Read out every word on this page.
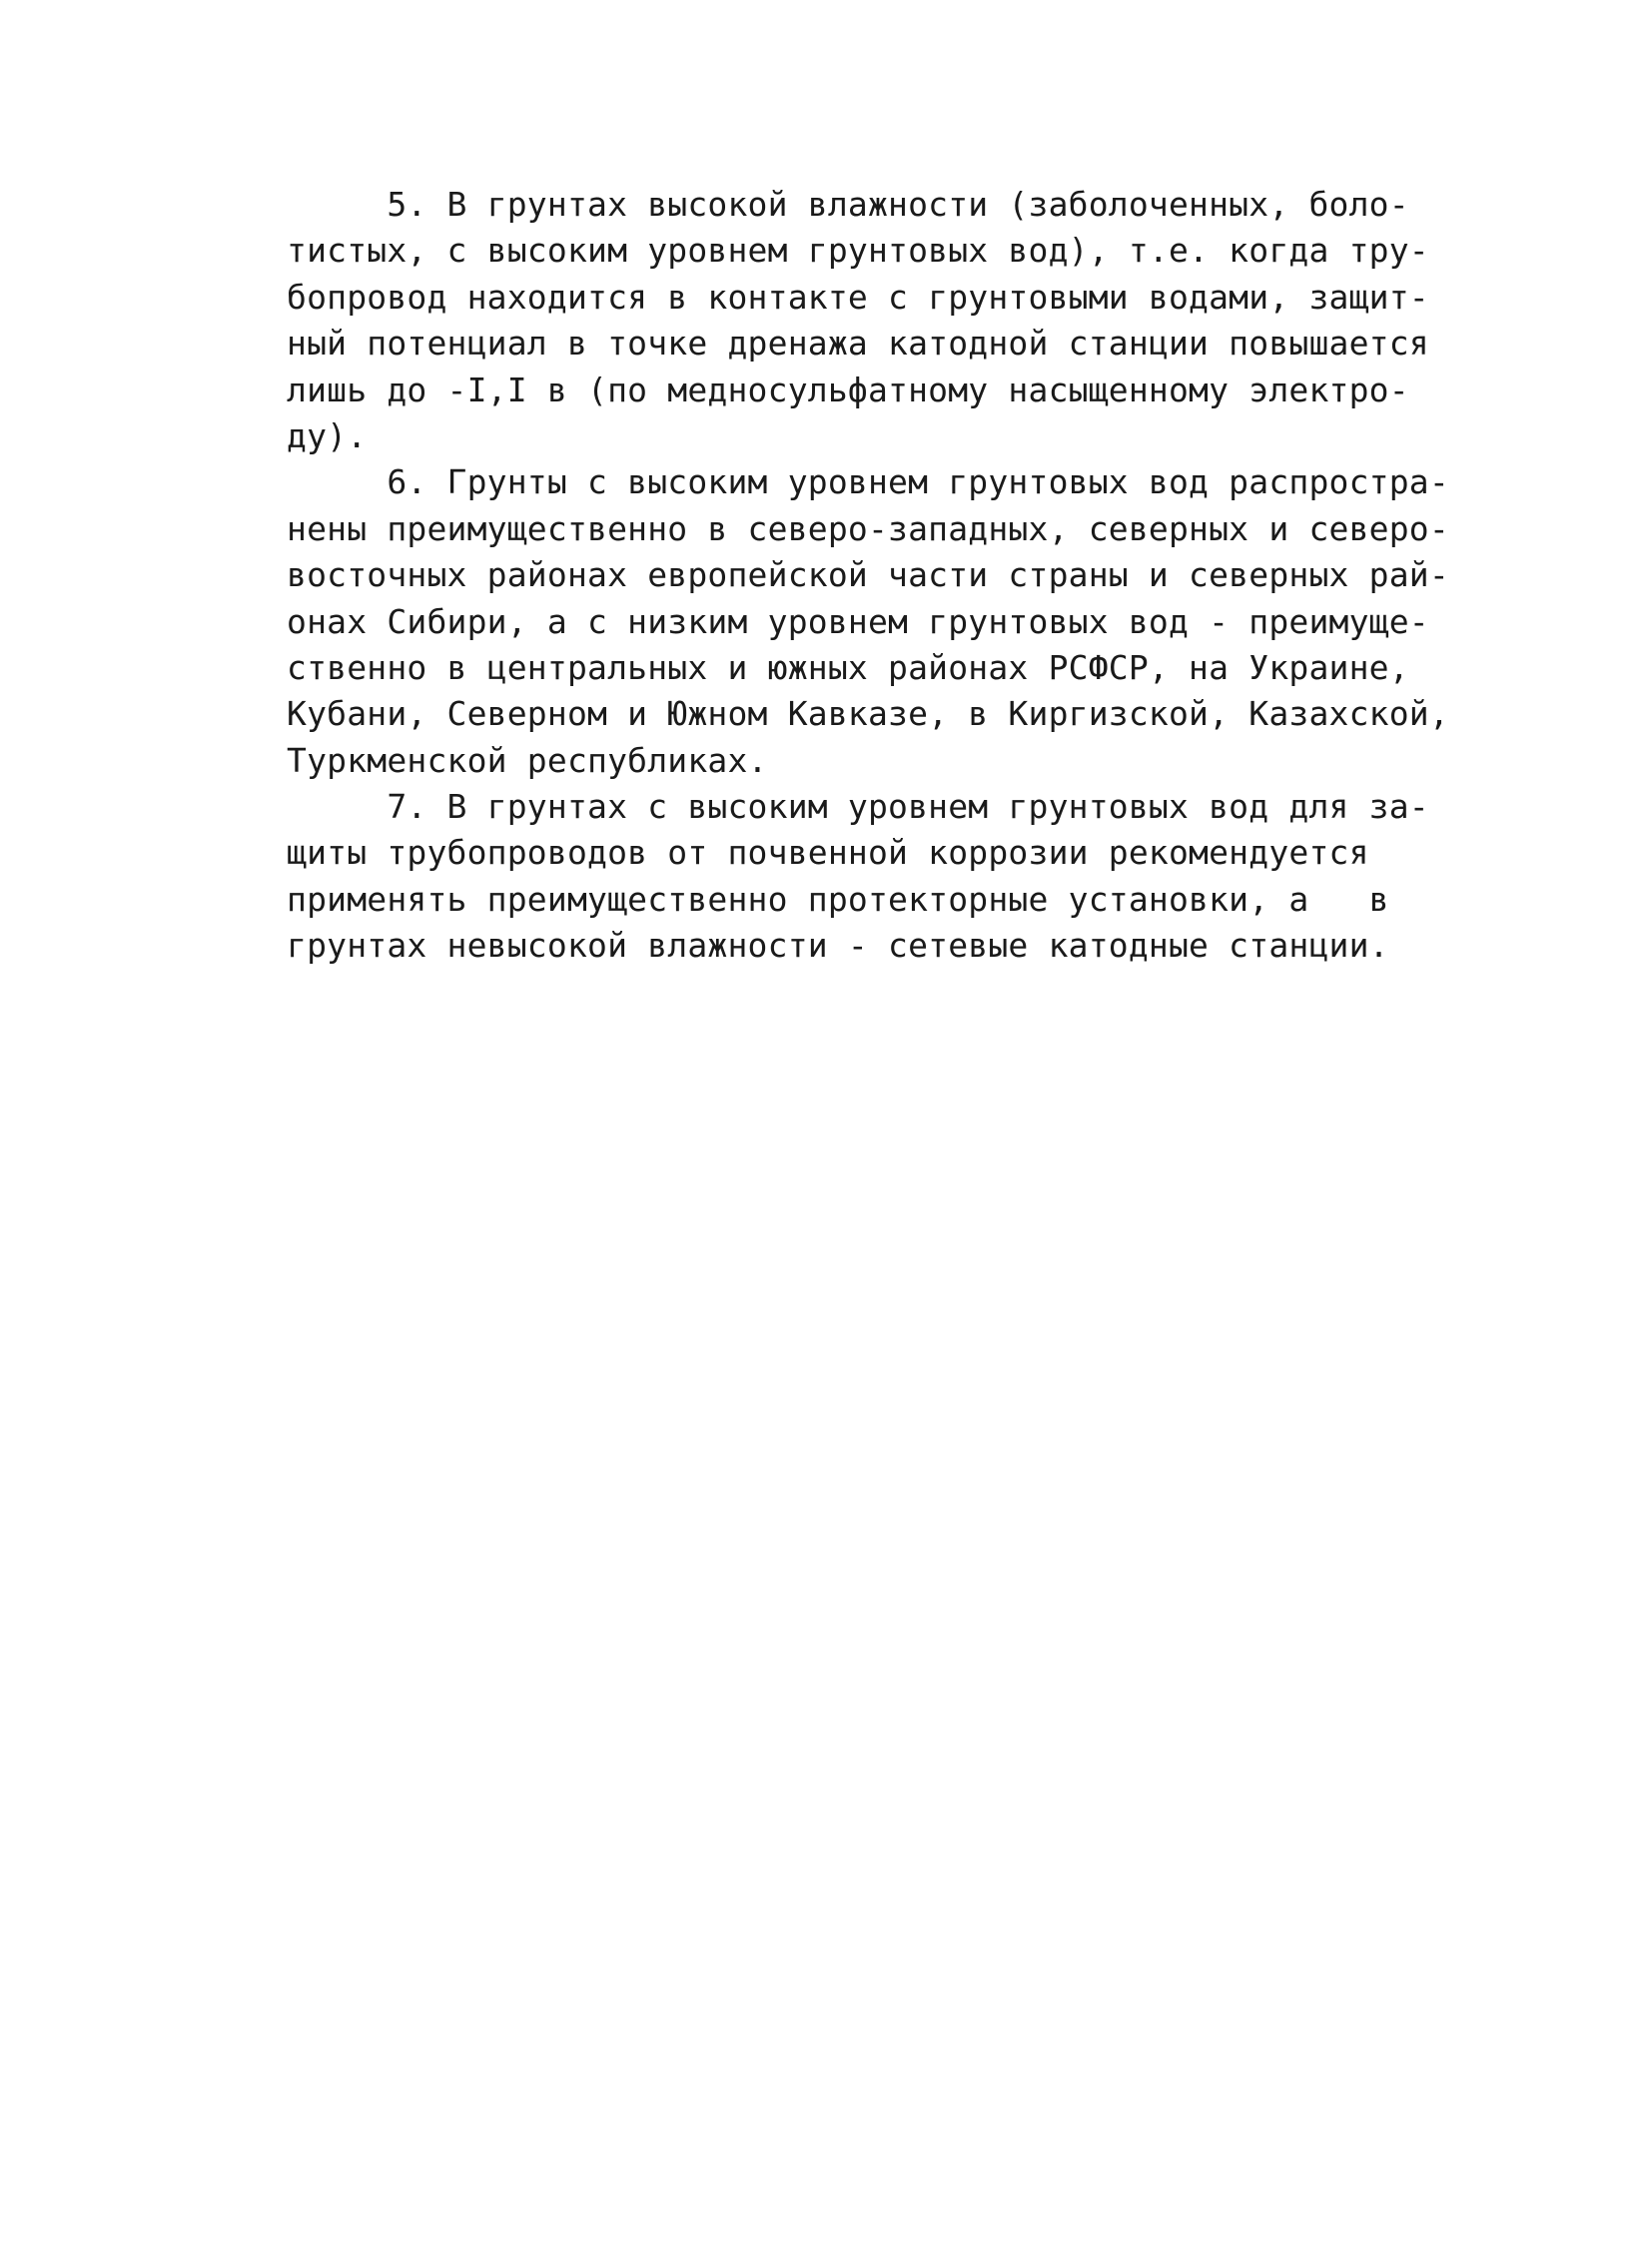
5. В грунтах высокой влажности (заболоченных, боло-
тистых, с высоким уровнем грунтовых вод), т.е. когда тру-
бопровод находится в контакте с грунтовыми водами, защит-
ный потенциал в точке дренажа катодной станции повышается
лишь до -I,I в (по медносульфатному насыщенному электро-
ду).
6. Грунты с высоким уровнем грунтовых вод распростра-
нены преимущественно в северо-западных, северных и северо-
восточных районах европейской части страны и северных рай-
онах Сибири, а с низким уровнем грунтовых вод - преимуще-
ственно в центральных и южных районах РСФСР, на Украине,
Кубани, Северном и Южном Кавказе, в Киргизской, Казахской,
Туркменской республиках.
7. В грунтах с высоким уровнем грунтовых вод для за-
щиты трубопроводов от почвенной коррозии рекомендуется
применять преимущественно протекторные установки, а   в
грунтах невысокой влажности - сетевые катодные станции.
